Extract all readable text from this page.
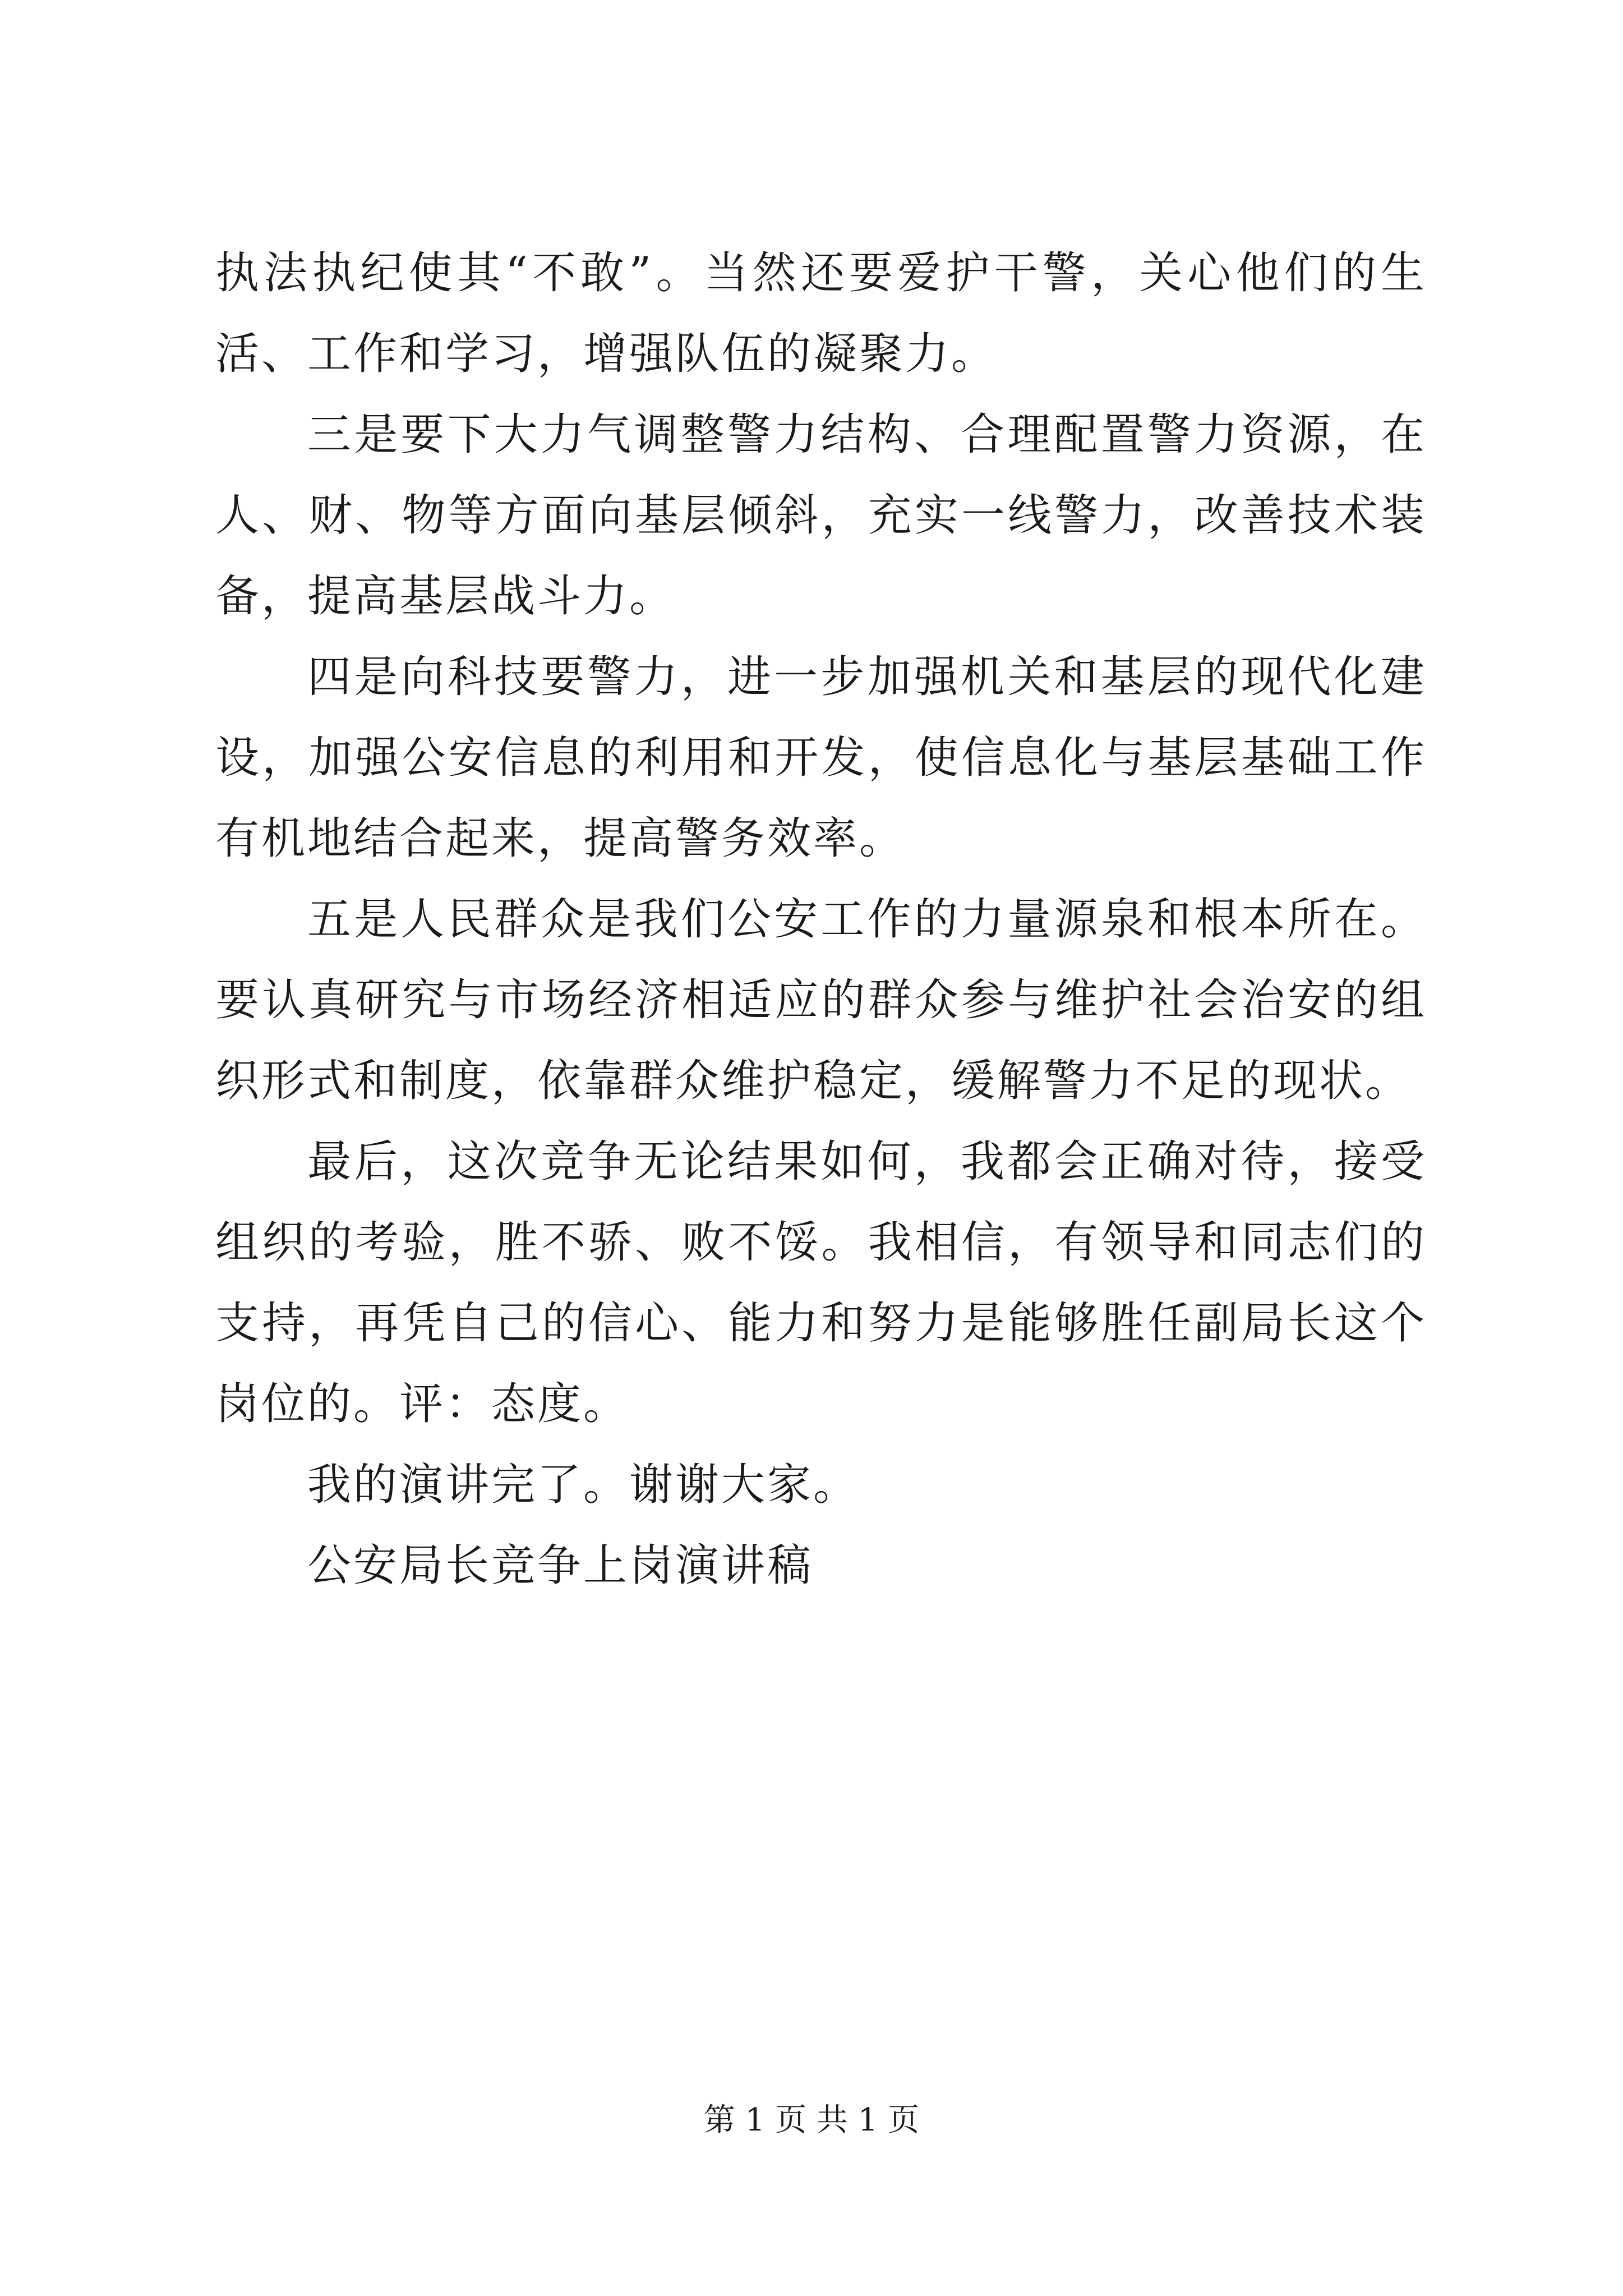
执法执纪使其“不敢”。当然还要爱护干警，关心他们的生活、工作和学习，增强队伍的凝聚力。

三是要下大力气调整警力结构、合理配置警力资源，在人、财、物等方面向基层倾斜，充实一线警力，改善技术装备，提高基层战斗力。

四是向科技要警力，进一步加强机关和基层的现代化建设，加强公安信息的利用和开发，使信息化与基层基础工作有机地结合起来，提高警务效率。

五是人民群众是我们公安工作的力量源泉和根本所在。要认真研究与市场经济相适应的群众参与维护社会治安的组织形式和制度，依靠群众维护稳定，缓解警力不足的现状。

最后，这次竞争无论结果如何，我都会正确对待，接受组织的考验，胜不骄、败不馁。我相信，有领导和同志们的支持，再凭自己的信心、能力和努力是能够胜任副局长这个岗位的。评：态度。

我的演讲完了。谢谢大家。

公安局长竞争上岗演讲稿

第 1 页 共 1 页
